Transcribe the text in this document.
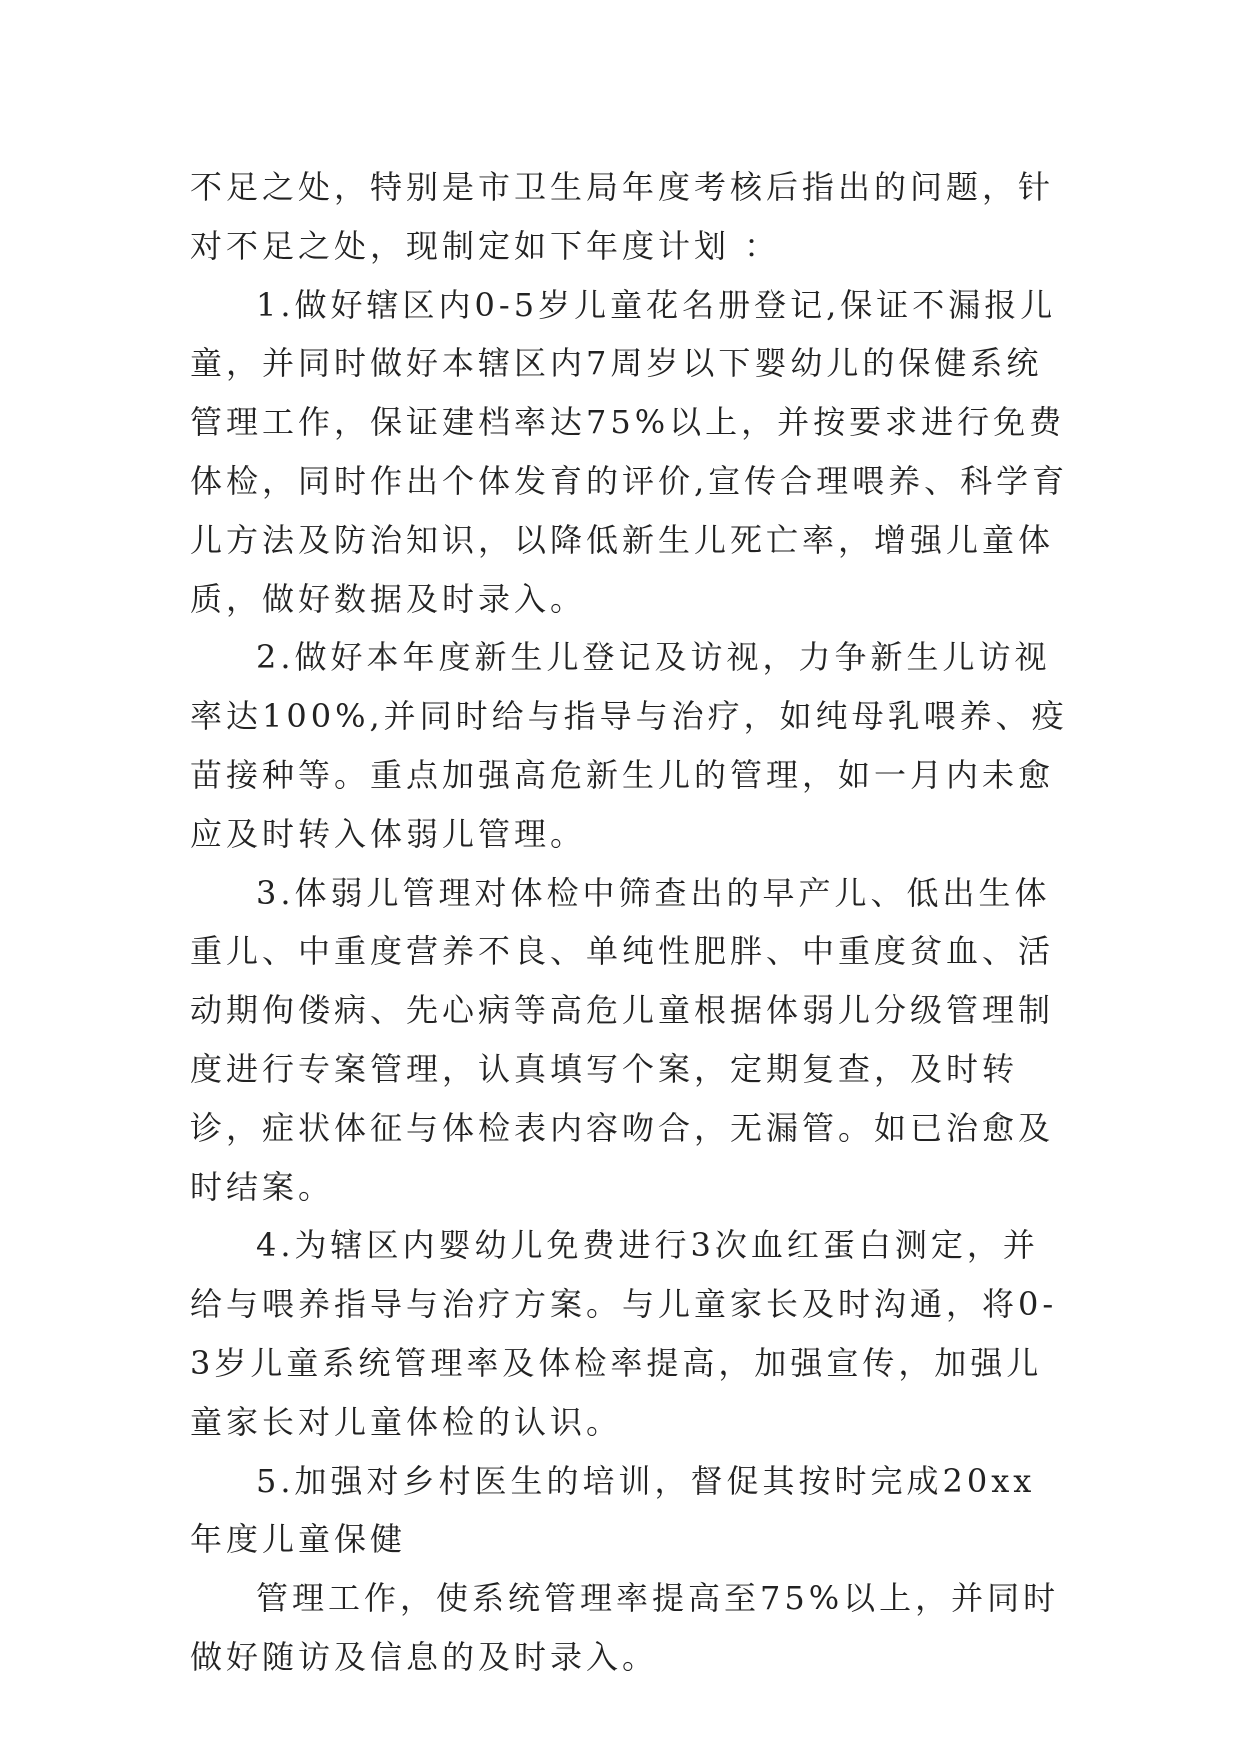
不足之处，特别是市卫生局年度考核后指出的问题，针对不足之处，现制定如下年度计划 ：

1.做好辖区内0-5岁儿童花名册登记,保证不漏报儿童，并同时做好本辖区内7周岁以下婴幼儿的保健系统管理工作，保证建档率达75%以上，并按要求进行免费体检，同时作出个体发育的评价,宣传合理喂养、科学育儿方法及防治知识，以降低新生儿死亡率，增强儿童体质，做好数据及时录入。

2.做好本年度新生儿登记及访视，力争新生儿访视率达100%,并同时给与指导与治疗，如纯母乳喂养、疫苗接种等。重点加强高危新生儿的管理，如一月内未愈应及时转入体弱儿管理。

3.体弱儿管理对体检中筛查出的早产儿、低出生体重儿、中重度营养不良、单纯性肥胖、中重度贫血、活动期佝偻病、先心病等高危儿童根据体弱儿分级管理制度进行专案管理，认真填写个案，定期复查，及时转诊，症状体征与体检表内容吻合，无漏管。如已治愈及时结案。

4.为辖区内婴幼儿免费进行3次血红蛋白测定，并给与喂养指导与治疗方案。与儿童家长及时沟通，将0-3岁儿童系统管理率及体检率提高，加强宣传，加强儿童家长对儿童体检的认识。

5.加强对乡村医生的培训，督促其按时完成20xx年度儿童保健

管理工作，使系统管理率提高至75%以上，并同时做好随访及信息的及时录入。
